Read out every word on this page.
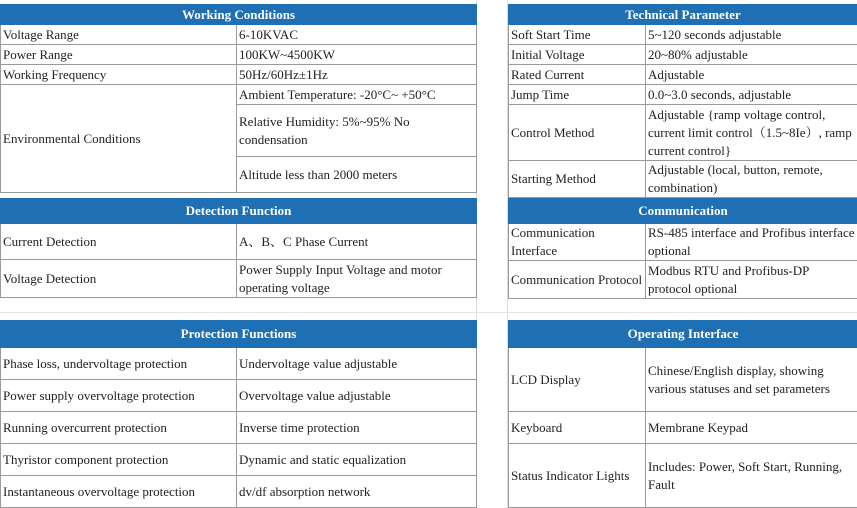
Working Conditions	
Voltage Range	6-10KVAC
Power Range	100KW~4500KW
Working Frequency	50Hz/60Hz±1Hz
Environmental Conditions	Ambient Temperature: -20°C~ +50°C
	Relative Humidity: 5%~95% No condensation
	Altitude less than 2000 meters
Technical Parameter	
Soft Start Time	5~120 seconds adjustable
Initial Voltage	20~80% adjustable
Rated Current	Adjustable
Jump Time	0.0~3.0 seconds, adjustable
Control Method	Adjustable {ramp voltage control, current limit control（1.5~8Ie）, ramp current control}
Starting Method	Adjustable (local, button, remote, combination)
Detection Function	
Current Detection	A、B、C Phase Current
Voltage Detection	Power Supply Input Voltage and motor operating voltage
Communication	
Communication Interface	RS-485 interface and Profibus interface optional
Communication Protocol	Modbus RTU and Profibus-DP protocol optional
Protection Functions	
Phase loss, undervoltage protection	Undervoltage value adjustable
Power supply overvoltage protection	Overvoltage value adjustable
Running overcurrent protection	Inverse time protection
Thyristor component protection	Dynamic and static equalization
Instantaneous overvoltage protection	dv/df absorption network
Operating Interface	
LCD Display	Chinese/English display, showing various statuses and set parameters
Keyboard	Membrane Keypad
Status Indicator Lights	Includes: Power, Soft Start, Running, Fault
